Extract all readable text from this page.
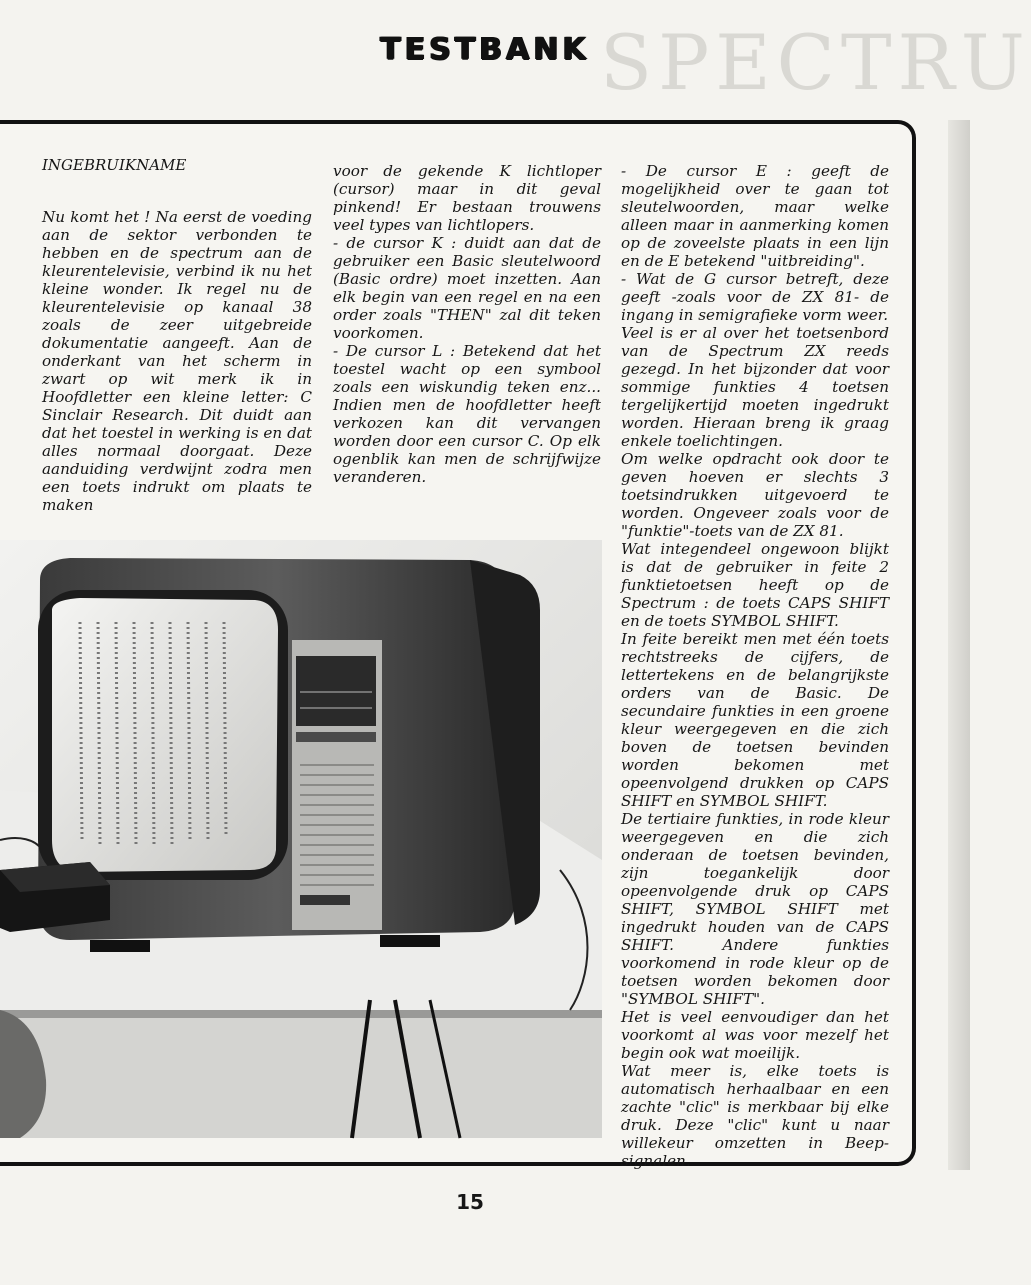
SPECTRU
TESTBANK
INGEBRUIKNAME
Nu komt het ! Na eerst de voeding aan de sektor verbonden te hebben en de spectrum aan de kleurentelevisie, verbind ik nu het kleine wonder. Ik regel nu de kleurentelevisie op kanaal 38 zoals de zeer uitgebreide dokumentatie aangeeft. Aan de onderkant van het scherm in zwart op wit merk ik in Hoofdletter een kleine letter: C Sinclair Research. Dit duidt aan dat het toestel in werking is en dat alles normaal doorgaat. Deze aanduiding verdwijnt zodra men een toets indrukt om plaats te maken
voor de gekende K lichtloper (cursor) maar in dit geval pinkend! Er bestaan trouwens veel types van lichtlopers.
- de cursor K : duidt aan dat de gebruiker een Basic sleutelwoord (Basic ordre) moet inzetten. Aan elk begin van een regel en na een order zoals "THEN" zal dit teken voorkomen.
- De cursor L : Betekend dat het toestel wacht op een symbool zoals een wiskundig teken enz... Indien men de hoofdletter heeft verkozen kan dit vervangen worden door een cursor C. Op elk ogenblik kan men de schrijfwijze veranderen.
- De cursor E : geeft de mogelijkheid over te gaan tot sleutelwoorden, maar welke alleen maar in aanmerking komen op de zoveelste plaats in een lijn en de E betekend "uitbreiding".
- Wat de G cursor betreft, deze geeft -zoals voor de ZX 81- de ingang in semigrafieke vorm weer.
Veel is er al over het toetsenbord van de Spectrum ZX reeds gezegd. In het bijzonder dat voor sommige funkties 4 toetsen tergelijkertijd moeten ingedrukt worden. Hieraan breng ik graag enkele toelichtingen.
Om welke opdracht ook door te geven hoeven er slechts 3 toetsindrukken uitgevoerd te worden. Ongeveer zoals voor de "funktie"-toets van de ZX 81.
Wat integendeel ongewoon blijkt is dat de gebruiker in feite 2 funktietoetsen heeft op de Spectrum : de toets CAPS SHIFT en de toets SYMBOL SHIFT.
In feite bereikt men met één toets rechtstreeks de cijfers, de lettertekens en de belangrijkste orders van de Basic. De secundaire funkties in een groene kleur weergegeven en die zich boven de toetsen bevinden worden bekomen met opeenvolgend drukken op CAPS SHIFT en SYMBOL SHIFT.
De tertiaire funkties, in rode kleur weergegeven en die zich onderaan de toetsen bevinden, zijn toegankelijk door opeenvolgende druk op CAPS SHIFT, SYMBOL SHIFT met ingedrukt houden van de CAPS SHIFT. Andere funkties voorkomend in rode kleur op de toetsen worden bekomen door "SYMBOL SHIFT".
Het is veel eenvoudiger dan het voorkomt al was voor mezelf het begin ook wat moeilijk.
Wat meer is, elke toets is automatisch herhaalbaar en een zachte "clic" is merkbaar bij elke druk. Deze "clic" kunt u naar willekeur omzetten in Beep-signalen.
15
